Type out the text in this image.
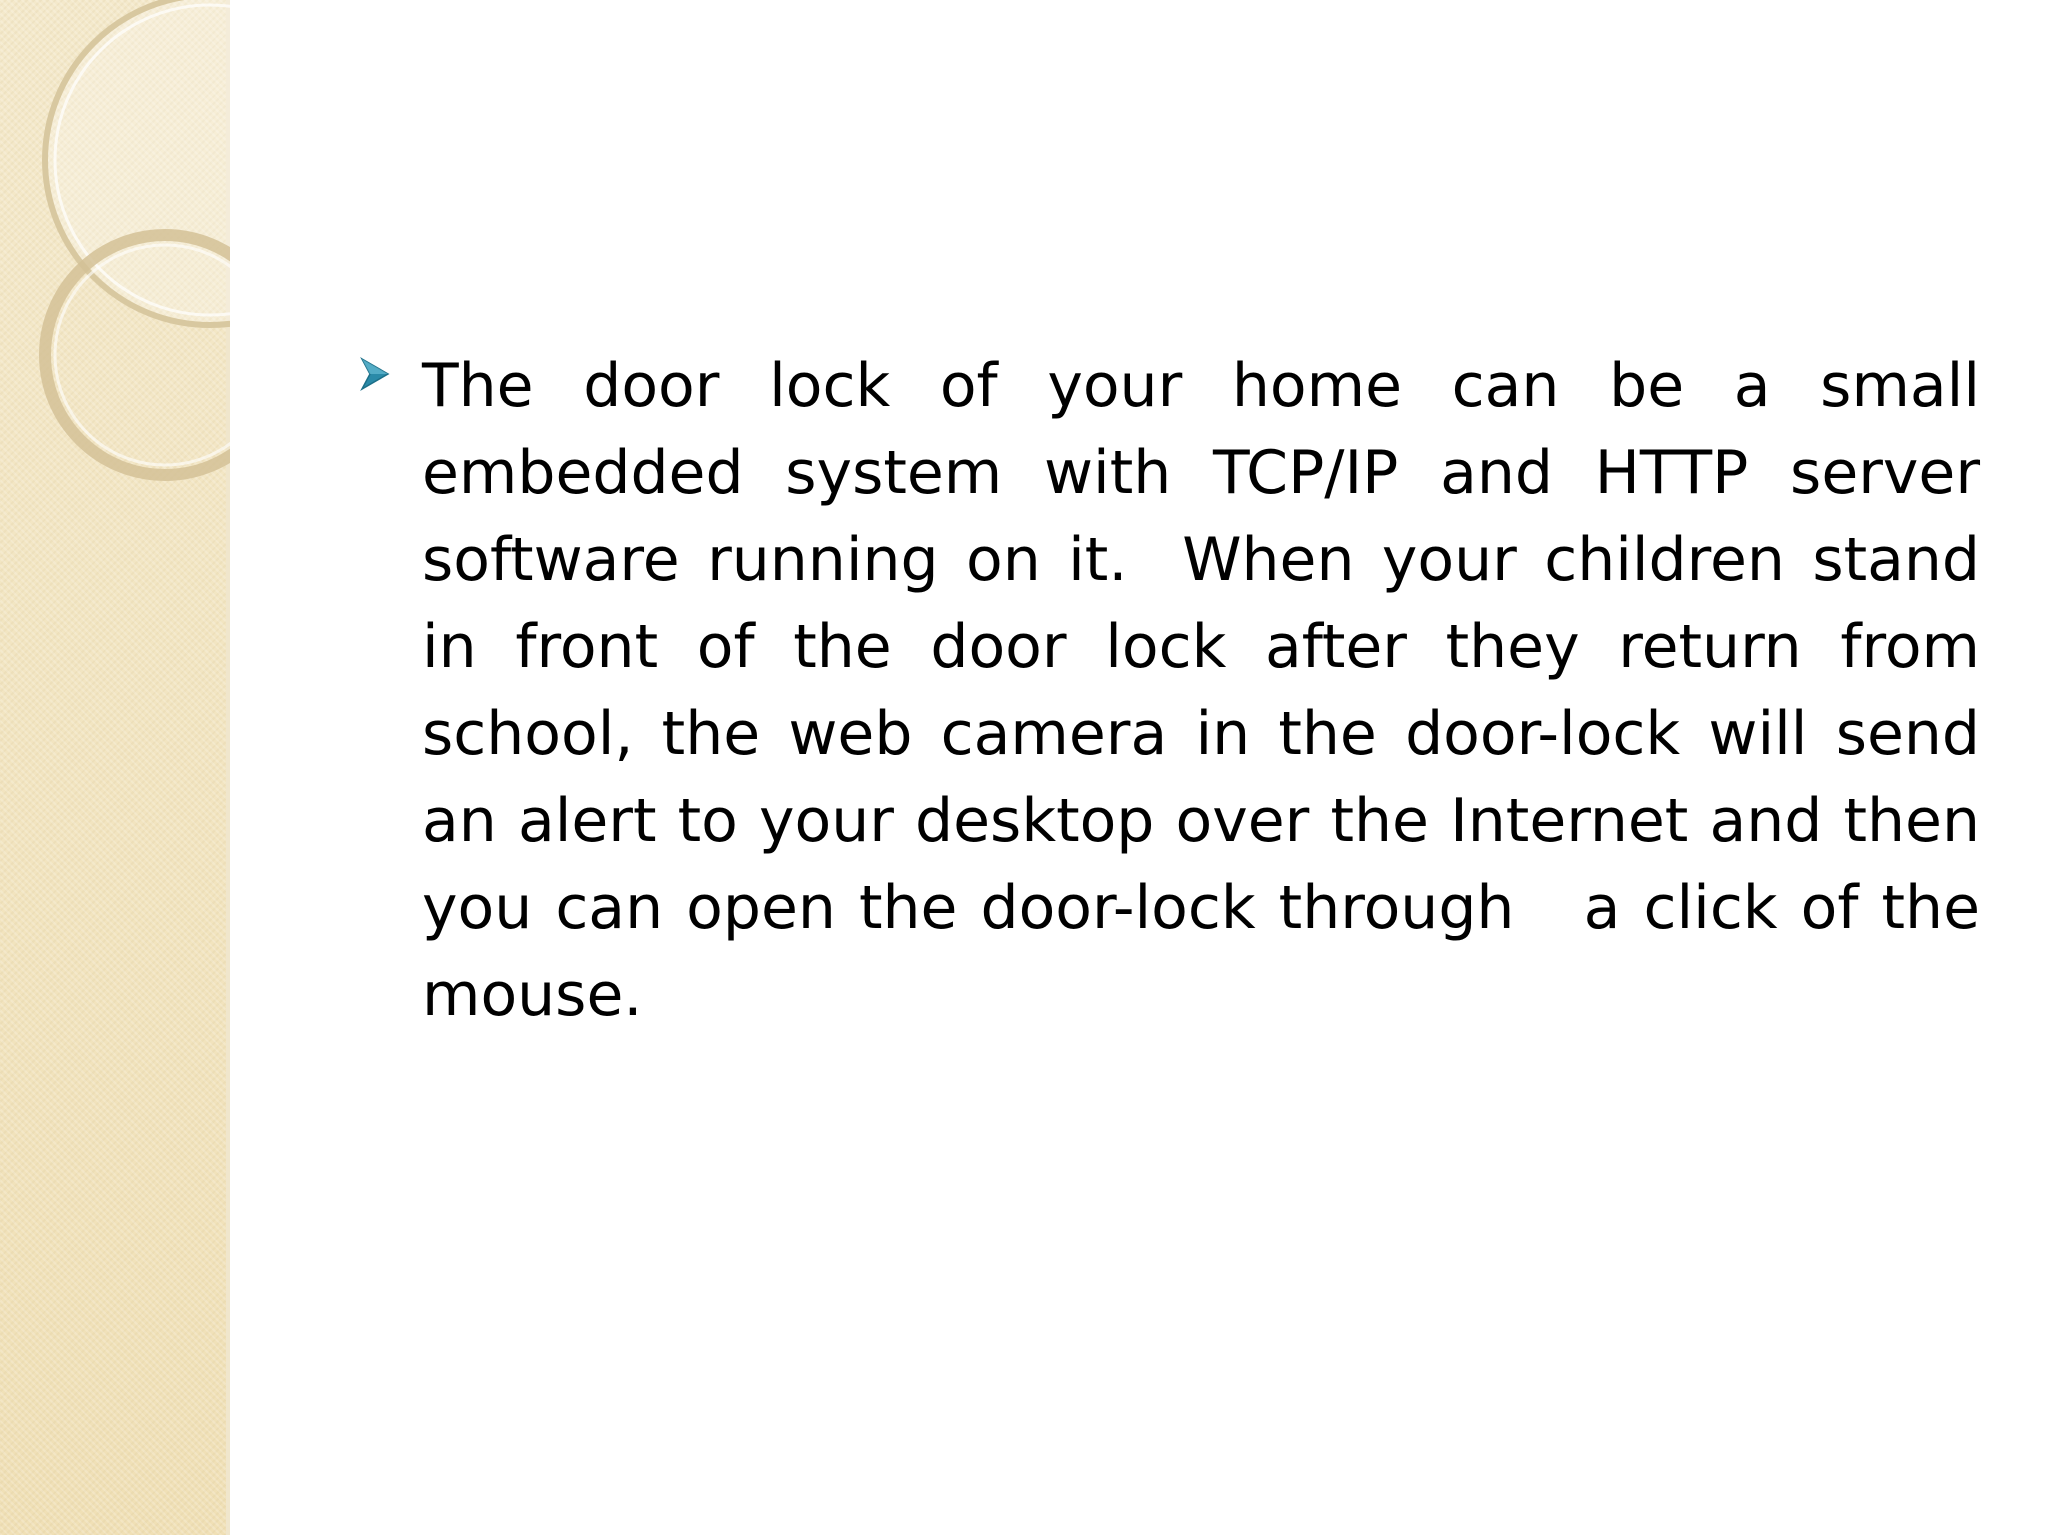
The door lock of your home can be a small embedded system with TCP/IP and HTTP server software running on it.  When your children stand in front of the door lock after they return from school, the web camera in the door-lock will send an alert to your desktop over the Internet and then you can open the door-lock through   a click of the mouse.
